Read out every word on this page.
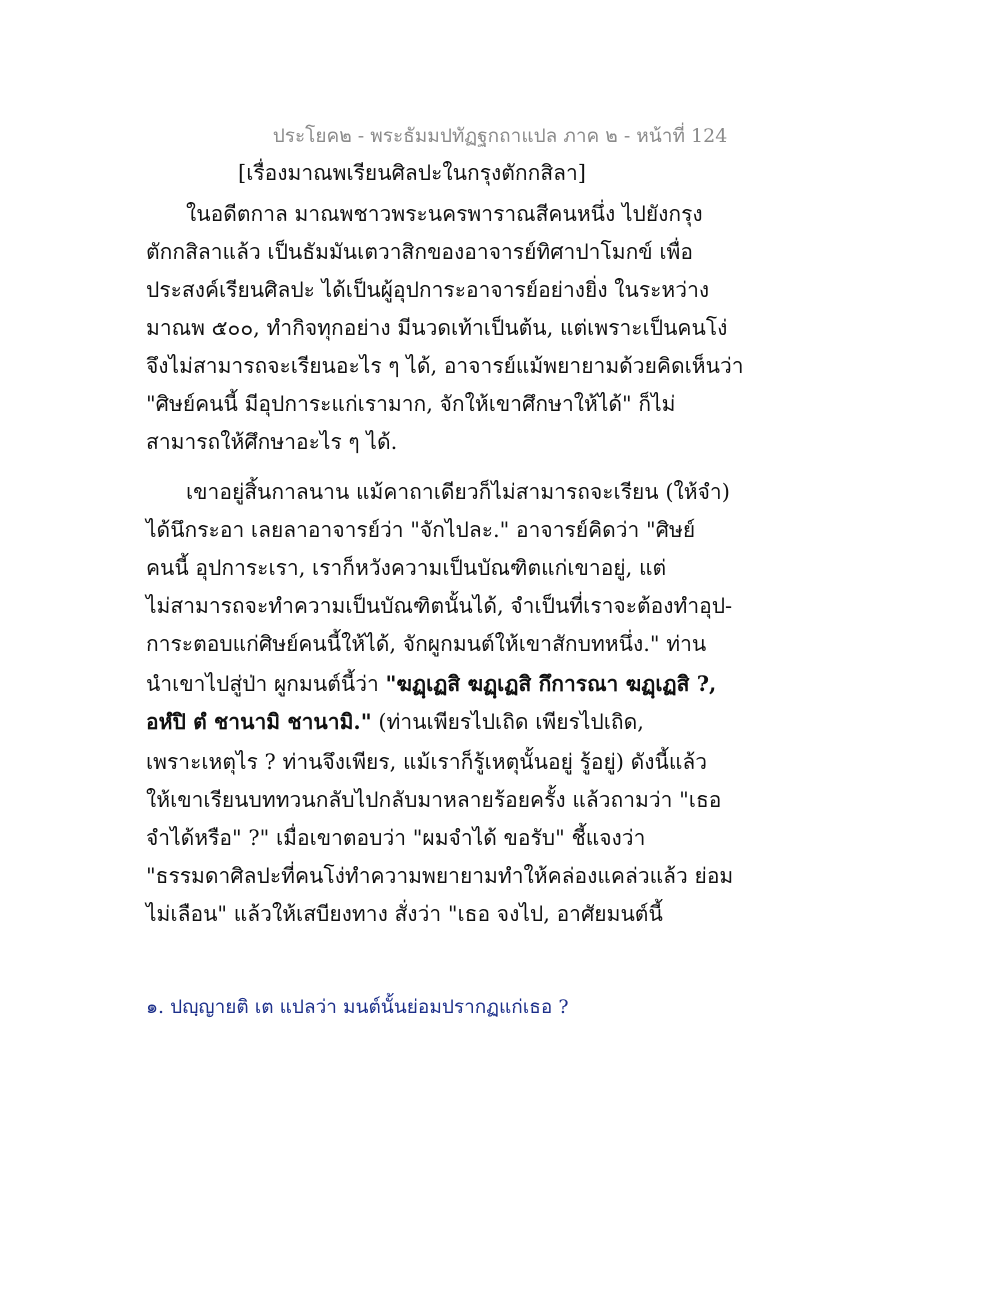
ประโยค๒ - พระธัมมปทัฏฐกถาแปล ภาค ๒ - หน้าที่ 124
[เรื่องมาณพเรียนศิลปะในกรุงตักกสิลา]
ในอดีตกาล มาณพชาวพระนครพาราณสีคนหนึ่ง ไปยังกรุง
ตักกสิลาแล้ว เป็นธัมมันเตวาสิกของอาจารย์ทิศาปาโมกข์ เพื่อ
ประสงค์เรียนศิลปะ ได้เป็นผู้อุปการะอาจารย์อย่างยิ่ง ในระหว่าง
มาณพ ๕๐๐, ทำกิจทุกอย่าง มีนวดเท้าเป็นต้น, แต่เพราะเป็นคนโง่
จึงไม่สามารถจะเรียนอะไร ๆ ได้, อาจารย์แม้พยายามด้วยคิดเห็นว่า
"ศิษย์คนนี้ มีอุปการะแก่เรามาก, จักให้เขาศึกษาให้ได้" ก็ไม่
สามารถให้ศึกษาอะไร ๆ ได้.
เขาอยู่สิ้นกาลนาน แม้คาถาเดียวก็ไม่สามารถจะเรียน (ให้จำ)
ได้นึกระอา เลยลาอาจารย์ว่า "จักไปละ." อาจารย์คิดว่า "ศิษย์
คนนี้ อุปการะเรา, เราก็หวังความเป็นบัณฑิตแก่เขาอยู่, แต่
ไม่สามารถจะทำความเป็นบัณฑิตนั้นได้, จำเป็นที่เราจะต้องทำอุป-
การะตอบแก่ศิษย์คนนี้ให้ได้, จักผูกมนต์ให้เขาสักบทหนึ่ง." ท่าน
นำเขาไปสู่ป่า ผูกมนต์นี้ว่า "ฆฏฺเฏสิ ฆฏฺเฏสิ กึการณา ฆฏฺเฏสิ ?,
อหํปิ ตํ ชานามิ ชานามิ." (ท่านเพียรไปเถิด เพียรไปเถิด,
เพราะเหตุไร ? ท่านจึงเพียร, แม้เราก็รู้เหตุนั้นอยู่ รู้อยู่) ดังนี้แล้ว
ให้เขาเรียนบททวนกลับไปกลับมาหลายร้อยครั้ง แล้วถามว่า "เธอ
จำได้หรือ" ?" เมื่อเขาตอบว่า "ผมจำได้ ขอรับ" ชี้แจงว่า
"ธรรมดาศิลปะที่คนโง่ทำความพยายามทำให้คล่องแคล่วแล้ว ย่อม
ไม่เลือน" แล้วให้เสบียงทาง สั่งว่า "เธอ จงไป, อาศัยมนต์นี้
๑. ปญฺญายติ เต แปลว่า มนต์นั้นย่อมปรากฏแก่เธอ ?
